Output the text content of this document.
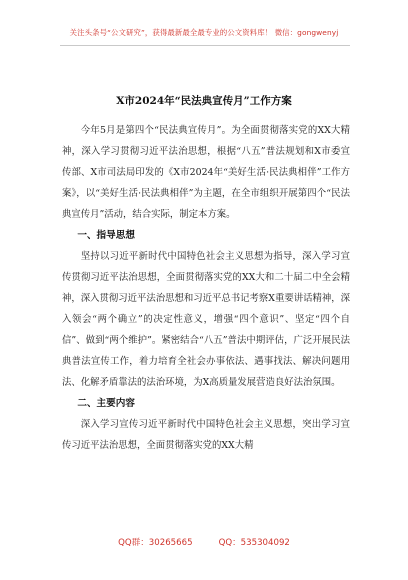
关注头条号“公文研究”，获得最新最全最专业的公文资料库！ 微信：gongwenyj
X市2024年“民法典宣传月”工作方案

今年5月是第四个“民法典宣传月”。为全面贯彻落实党的XX大精神，深入学习贯彻习近平法治思想，根据“八五”普法规划和X市委宣传部、X市司法局印发的《X市2024年“美好生活·民法典相伴”工作方案》，以“美好生活·民法典相伴”为主题，在全市组织开展第四个“民法典宣传月”活动，结合实际，制定本方案。

一、指导思想

坚持以习近平新时代中国特色社会主义思想为指导，深入学习宣传贯彻习近平法治思想，全面贯彻落实党的XX大和二十届二中全会精神，深入贯彻习近平法治思想和习近平总书记考察X重要讲话精神，深入领会“两个确立”的决定性意义，增强“四个意识”、坚定“四个自信”、做到“两个维护”。紧密结合“八五”普法中期评估，广泛开展民法典普法宣传工作，着力培育全社会办事依法、遇事找法、解决问题用法、化解矛盾靠法的法治环境，为X高质量发展营造良好法治氛围。

二、主要内容

深入学习宣传习近平新时代中国特色社会主义思想，突出学习宣传习近平法治思想，全面贯彻落实党的XX大精

QQ群：30265665	QQ：535304092
